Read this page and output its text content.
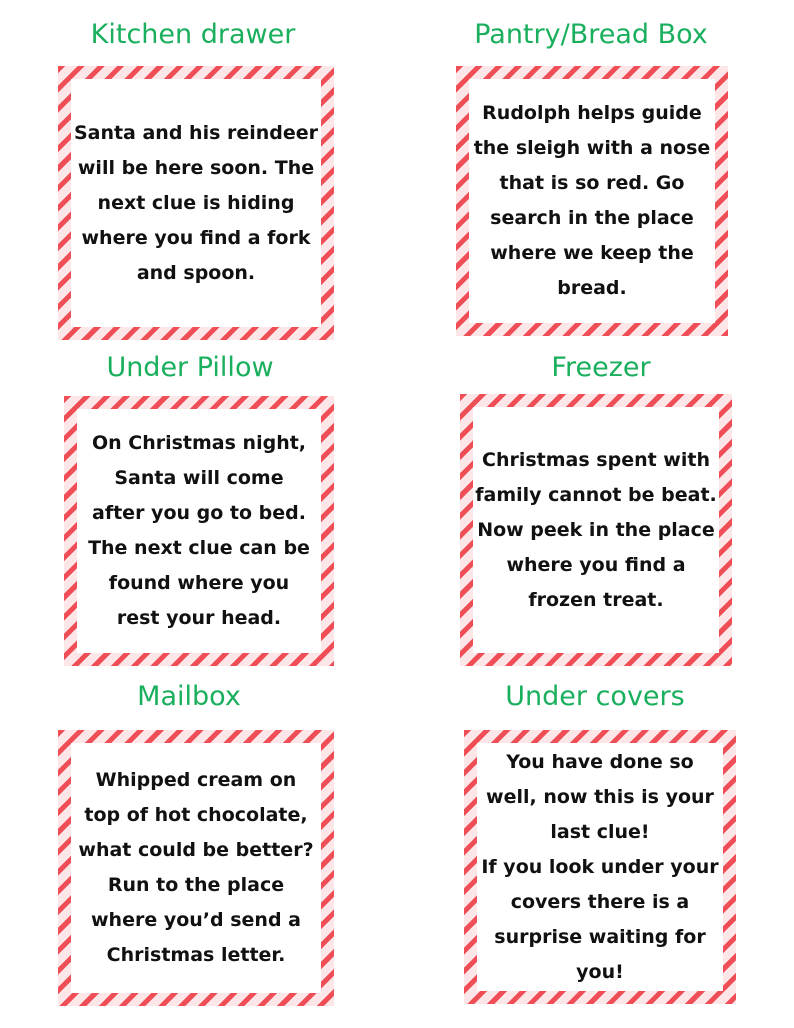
Kitchen drawer

Santa and his reindeer
will be here soon. The
next clue is hiding
where you find a fork
and spoon.

Pantry/Bread Box

Rudolph helps guide
the sleigh with a nose
that is so red. Go
search in the place
where we keep the
bread.

Under Pillow

On Christmas night,
Santa will come
after you go to bed.
The next clue can be
found where you
rest your head.

Freezer

Christmas spent with
family cannot be beat.
Now peek in the place
where you find a
frozen treat.

Mailbox

Whipped cream on
top of hot chocolate,
what could be better?
Run to the place
where you’d send a
Christmas letter.

Under covers

You have done so
well, now this is your
last clue!
If you look under your
covers there is a
surprise waiting for
you!
